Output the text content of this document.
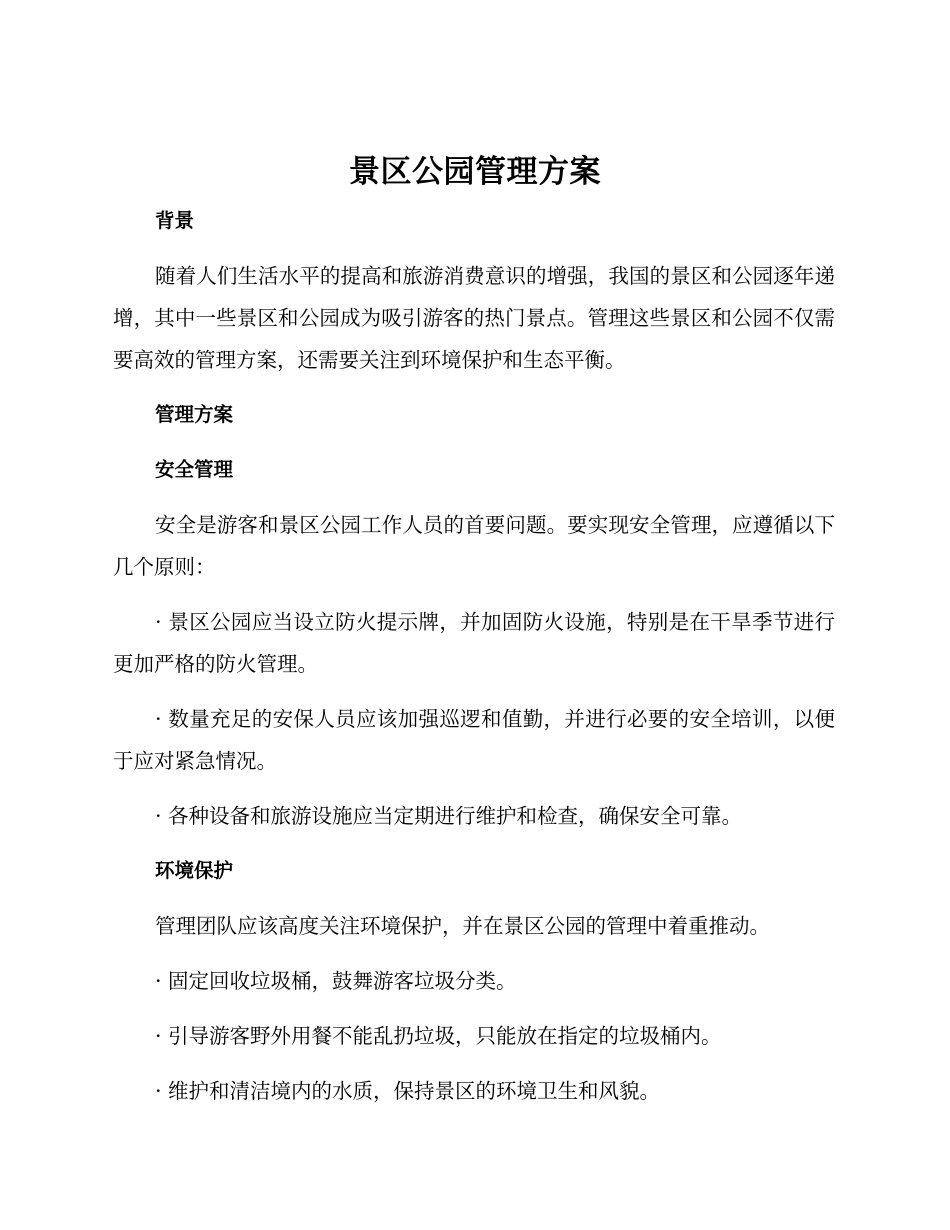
景区公园管理方案
背景
随着人们生活水平的提高和旅游消费意识的增强，我国的景区和公园逐年递增，其中一些景区和公园成为吸引游客的热门景点。管理这些景区和公园不仅需要高效的管理方案，还需要关注到环境保护和生态平衡。
管理方案
安全管理
安全是游客和景区公园工作人员的首要问题。要实现安全管理，应遵循以下几个原则：
· 景区公园应当设立防火提示牌，并加固防火设施，特别是在干旱季节进行更加严格的防火管理。
· 数量充足的安保人员应该加强巡逻和值勤，并进行必要的安全培训，以便于应对紧急情况。
· 各种设备和旅游设施应当定期进行维护和检查，确保安全可靠。
环境保护
管理团队应该高度关注环境保护，并在景区公园的管理中着重推动。
· 固定回收垃圾桶，鼓舞游客垃圾分类。
· 引导游客野外用餐不能乱扔垃圾，只能放在指定的垃圾桶内。
· 维护和清洁境内的水质，保持景区的环境卫生和风貌。
